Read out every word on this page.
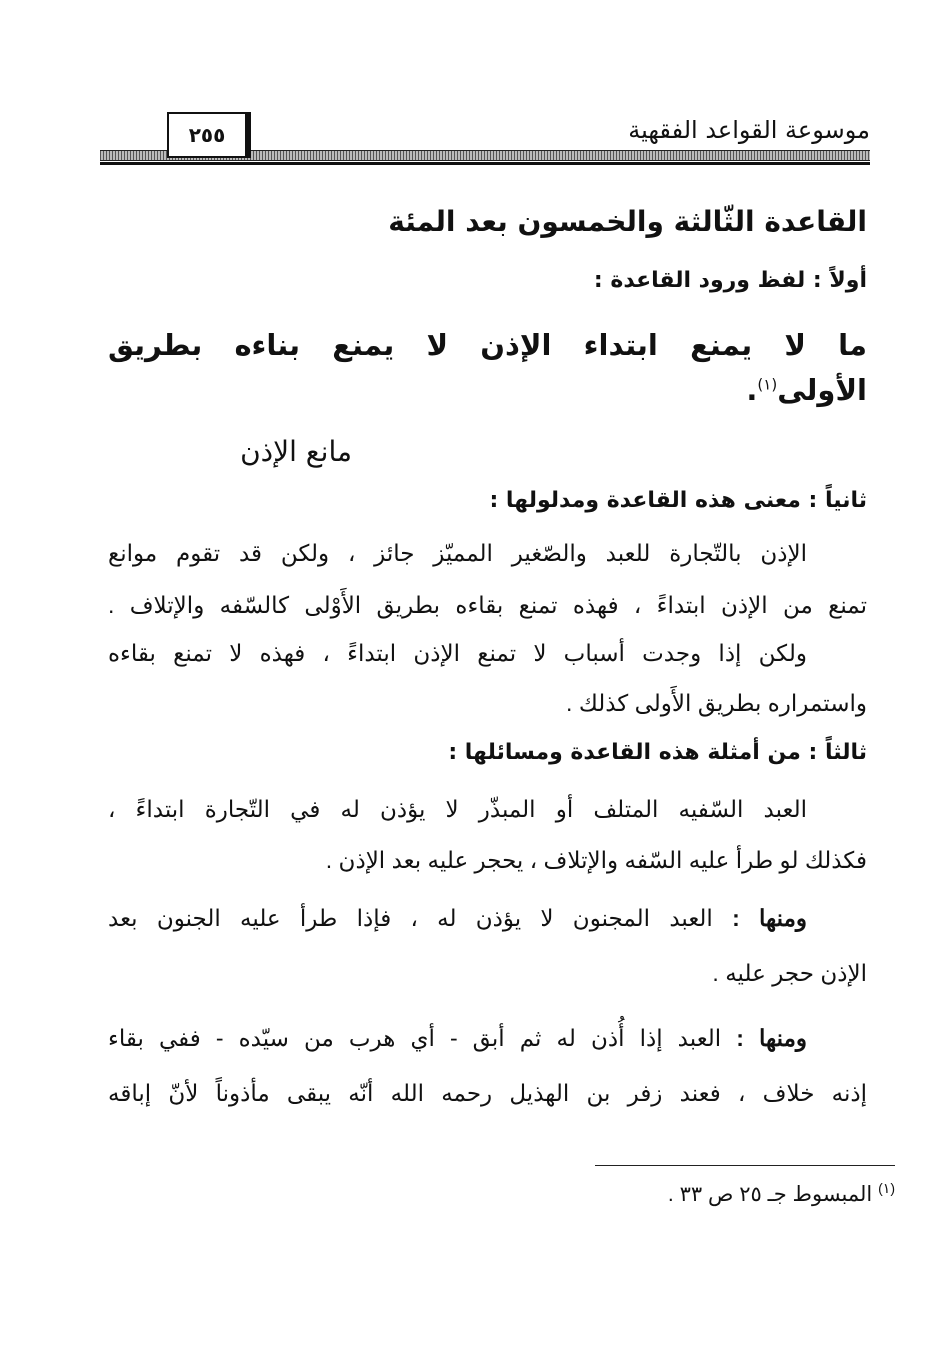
موسوعة القواعد الفقهية
٢٥٥
القاعدة الثّالثة والخمسون بعد المئة
أولاً : لفظ ورود القاعدة :
ما لا يمنع ابتداء الإذن لا يمنع بناءه بطريق
الأولى$^{(١)}$.
مانع الإذن
ثانياً : معنى هذه القاعدة ومدلولها :
الإذن بالتّجارة للعبد والصّغير المميّز جائز ، ولكن قد تقوم موانع
تمنع من الإذن ابتداءً ، فهذه تمنع بقاءه بطريق الأَوْلى كالسّفه والإتلاف .
ولكن إذا وجدت أسباب لا تمنع الإذن ابتداءً ، فهذه لا تمنع بقاءه
واستمراره بطريق الأَولى كذلك .
ثالثاً : من أمثلة هذه القاعدة ومسائلها :
العبد السّفيه المتلف أو المبذّر لا يؤذن له في التّجارة ابتداءً ،
فكذلك لو طرأ عليه السّفه والإتلاف ، يحجر عليه بعد الإذن .
ومنها : العبد المجنون لا يؤذن له ، فإذا طرأ عليه الجنون بعد
الإذن حجر عليه .
ومنها : العبد إذا أُذن له ثم أبق - أي هرب من سيّده - ففي بقاء
إذنه خلاف ، فعند زفر بن الهذيل رحمه الله أنّه يبقى مأذوناً لأنّ إباقه
$^{(١)}$ المبسوط جـ ٢٥ ص ٣٣ .
